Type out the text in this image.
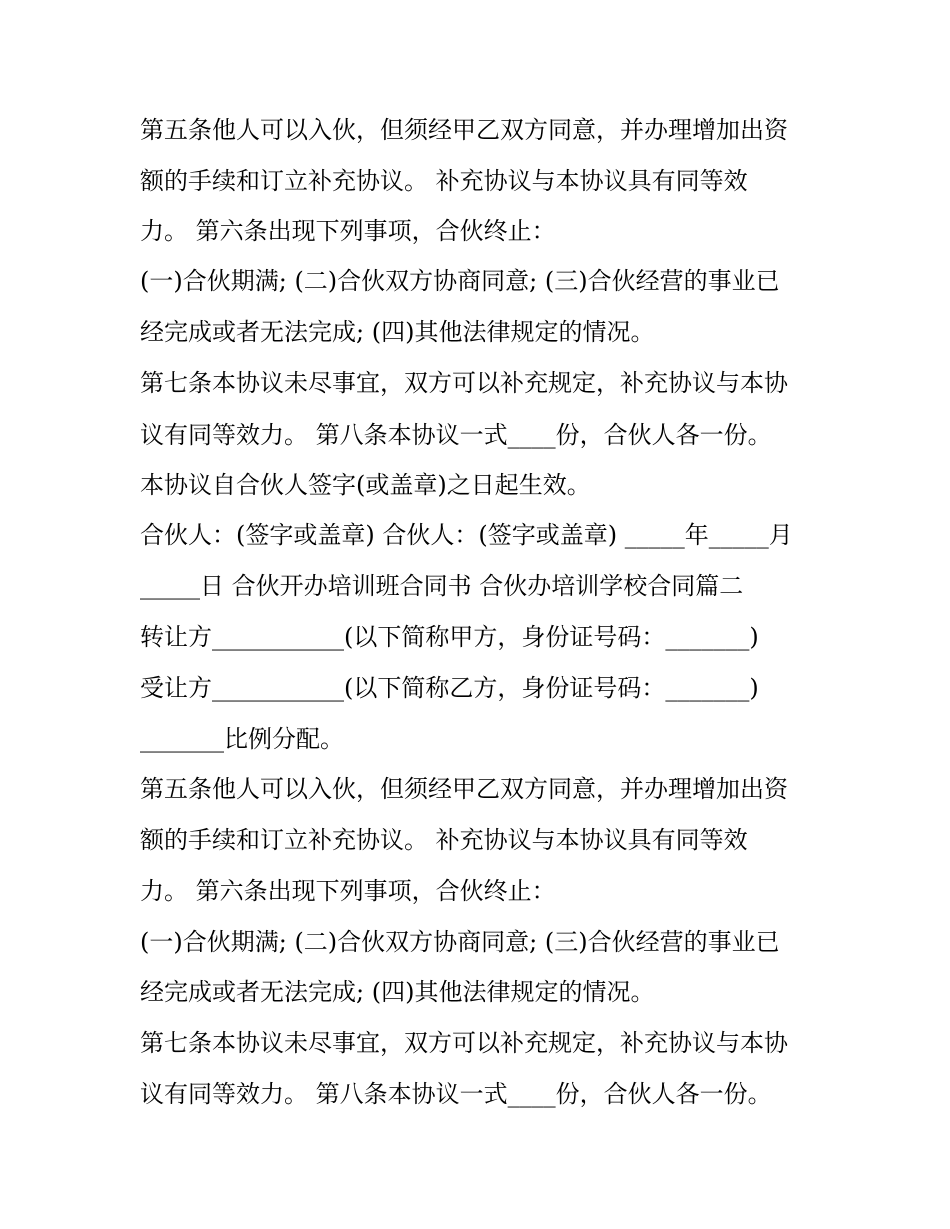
第五条他人可以入伙，但须经甲乙双方同意，并办理增加出资
额的手续和订立补充协议。 补充协议与本协议具有同等效
力。 第六条出现下列事项，合伙终止：
(一)合伙期满; (二)合伙双方协商同意; (三)合伙经营的事业已
经完成或者无法完成; (四)其他法律规定的情况。
第七条本协议未尽事宜，双方可以补充规定，补充协议与本协
议有同等效力。 第八条本协议一式____份，合伙人各一份。
本协议自合伙人签字(或盖章)之日起生效。
合伙人：(签字或盖章) 合伙人：(签字或盖章) _____年_____月
_____日 合伙开办培训班合同书 合伙办培训学校合同篇二
转让方___________(以下简称甲方，身份证号码：_______)
受让方___________(以下简称乙方，身份证号码：_______)
_______比例分配。
第五条他人可以入伙，但须经甲乙双方同意，并办理增加出资
额的手续和订立补充协议。 补充协议与本协议具有同等效
力。 第六条出现下列事项，合伙终止：
(一)合伙期满; (二)合伙双方协商同意; (三)合伙经营的事业已
经完成或者无法完成; (四)其他法律规定的情况。
第七条本协议未尽事宜，双方可以补充规定，补充协议与本协
议有同等效力。 第八条本协议一式____份，合伙人各一份。
